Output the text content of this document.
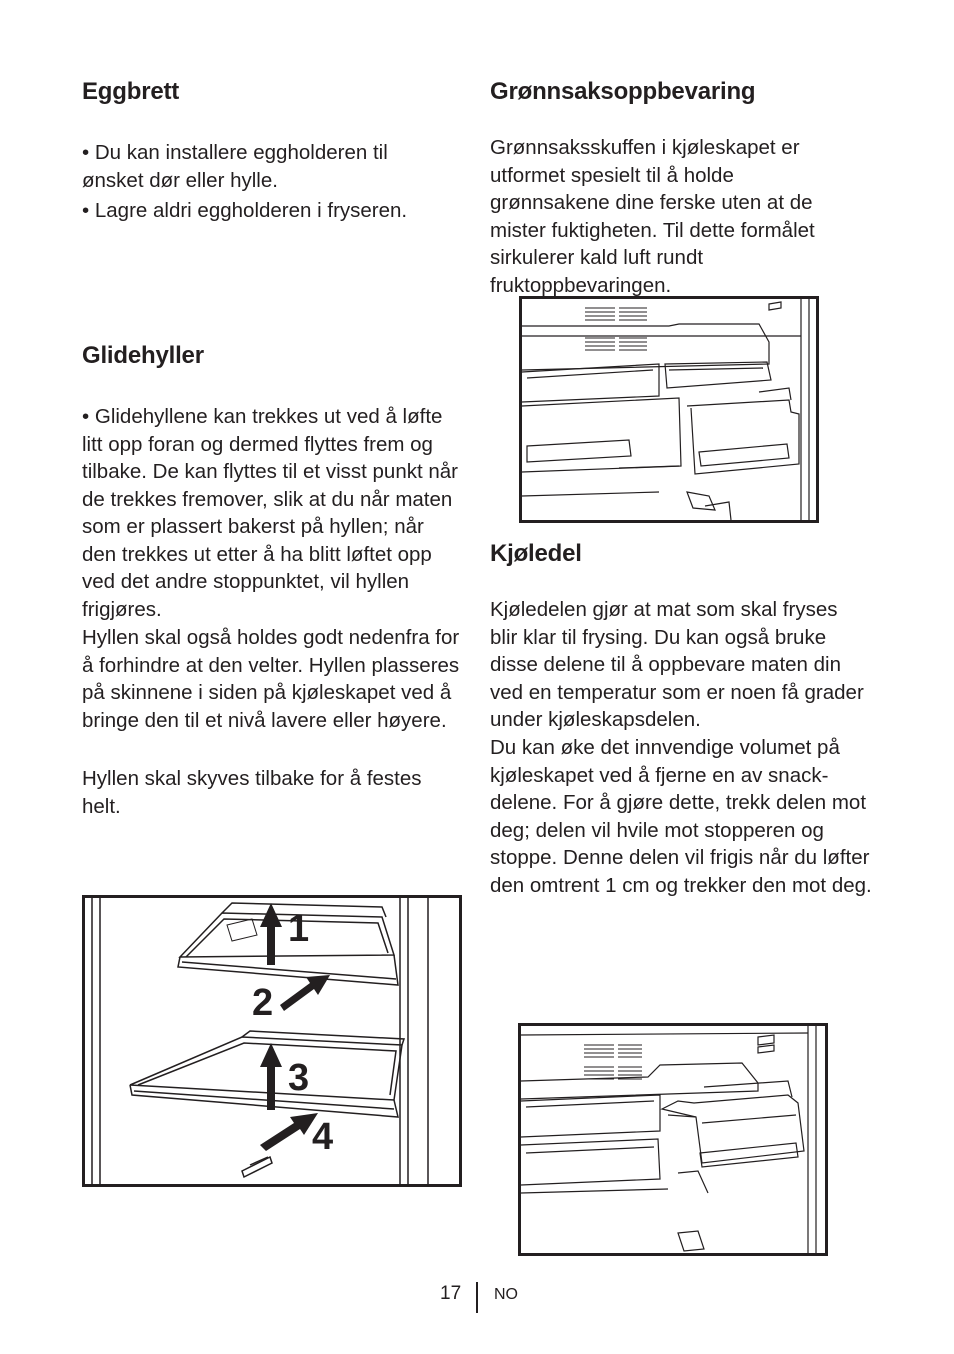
Eggbrett

• Du kan installere eggholderen til ønsket dør eller hylle.

• Lagre aldri eggholderen i fryseren.

Glidehyller

• Glidehyllene kan trekkes ut ved å løfte litt opp foran og dermed flyttes frem og tilbake. De kan flyttes til et visst punkt når de trekkes fremover, slik at du når maten som er plassert bakerst på hyllen; når den trekkes ut etter å ha blitt løftet opp ved det andre stoppunktet, vil hyllen frigjøres.

Hyllen skal også holdes godt nedenfra for å forhindre at den velter. Hyllen plasseres på skinnene i siden på kjøleskapet ved å bringe den til et nivå lavere eller høyere.

Hyllen skal skyves tilbake for å festes helt.

1
2
3
4
Grønnsaksoppbevaring

Grønnsaksskuffen i kjøleskapet er utformet spesielt til å holde grønnsakene dine ferske uten at de mister fuktigheten. Til dette formålet sirkulerer kald luft rundt fruktoppbevaringen.

Kjøledel

Kjøledelen gjør at mat som skal fryses blir klar til frysing. Du kan også bruke disse delene til å oppbevare maten din ved en temperatur som er noen få grader under kjøleskapsdelen.

Du kan øke det innvendige volumet på kjøleskapet ved å fjerne en av snack-delene. For å gjøre dette, trekk delen mot deg; delen vil hvile mot stopperen og stoppe. Denne delen vil frigis når du løfter den omtrent 1 cm og trekker den mot deg.

17 NO
